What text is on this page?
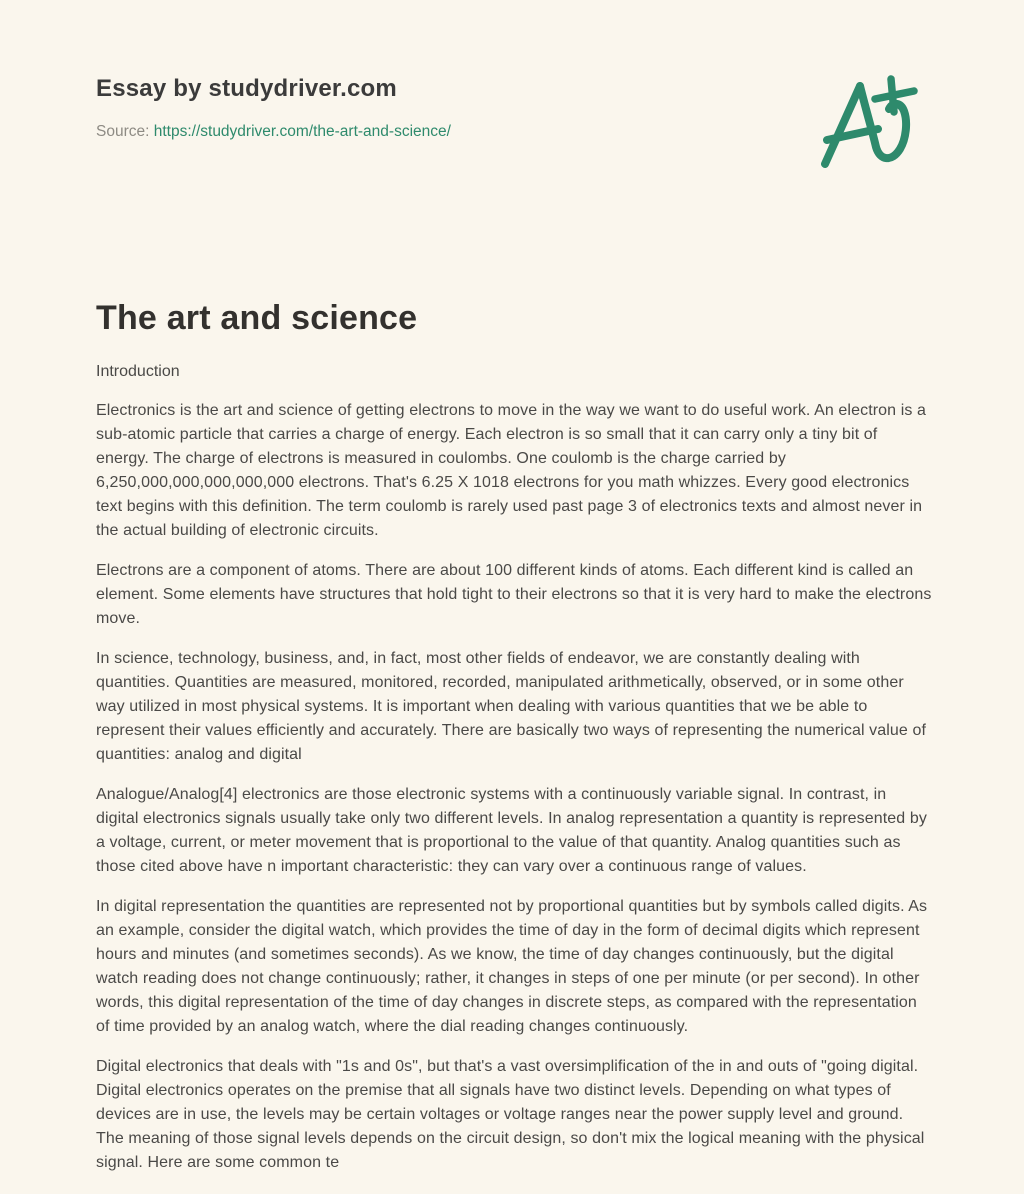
Essay by studydriver.com
Source: https://studydriver.com/the-art-and-science/
The art and science

Introduction

Electronics is the art and science of getting electrons to move in the way we want to do useful work. An electron is a sub-atomic particle that carries a charge of energy. Each electron is so small that it can carry only a tiny bit of energy. The charge of electrons is measured in coulombs. One coulomb is the charge carried by 6,250,000,000,000,000,000 electrons. That's 6.25 X 1018 electrons for you math whizzes. Every good electronics text begins with this definition. The term coulomb is rarely used past page 3 of electronics texts and almost never in the actual building of electronic circuits.

Electrons are a component of atoms. There are about 100 different kinds of atoms. Each different kind is called an element. Some elements have structures that hold tight to their electrons so that it is very hard to make the electrons move.

In science, technology, business, and, in fact, most other fields of endeavor, we are constantly dealing with quantities. Quantities are measured, monitored, recorded, manipulated arithmetically, observed, or in some other way utilized in most physical systems. It is important when dealing with various quantities that we be able to represent their values efficiently and accurately. There are basically two ways of representing the numerical value of quantities: analog and digital

Analogue/Analog[4] electronics are those electronic systems with a continuously variable signal. In contrast, in digital electronics signals usually take only two different levels. In analog representation a quantity is represented by a voltage, current, or meter movement that is proportional to the value of that quantity. Analog quantities such as those cited above have n important characteristic: they can vary over a continuous range of values.

In digital representation the quantities are represented not by proportional quantities but by symbols called digits. As an example, consider the digital watch, which provides the time of day in the form of decimal digits which represent hours and minutes (and sometimes seconds). As we know, the time of day changes continuously, but the digital watch reading does not change continuously; rather, it changes in steps of one per minute (or per second). In other words, this digital representation of the time of day changes in discrete steps, as compared with the representation of time provided by an analog watch, where the dial reading changes continuously.

Digital electronics that deals with "1s and 0s", but that's a vast oversimplification of the in and outs of "going digital. Digital electronics operates on the premise that all signals have two distinct levels. Depending on what types of devices are in use, the levels may be certain voltages or voltage ranges near the power supply level and ground. The meaning of those signal levels depends on the circuit design, so don't mix the logical meaning with the physical signal. Here are some common te
